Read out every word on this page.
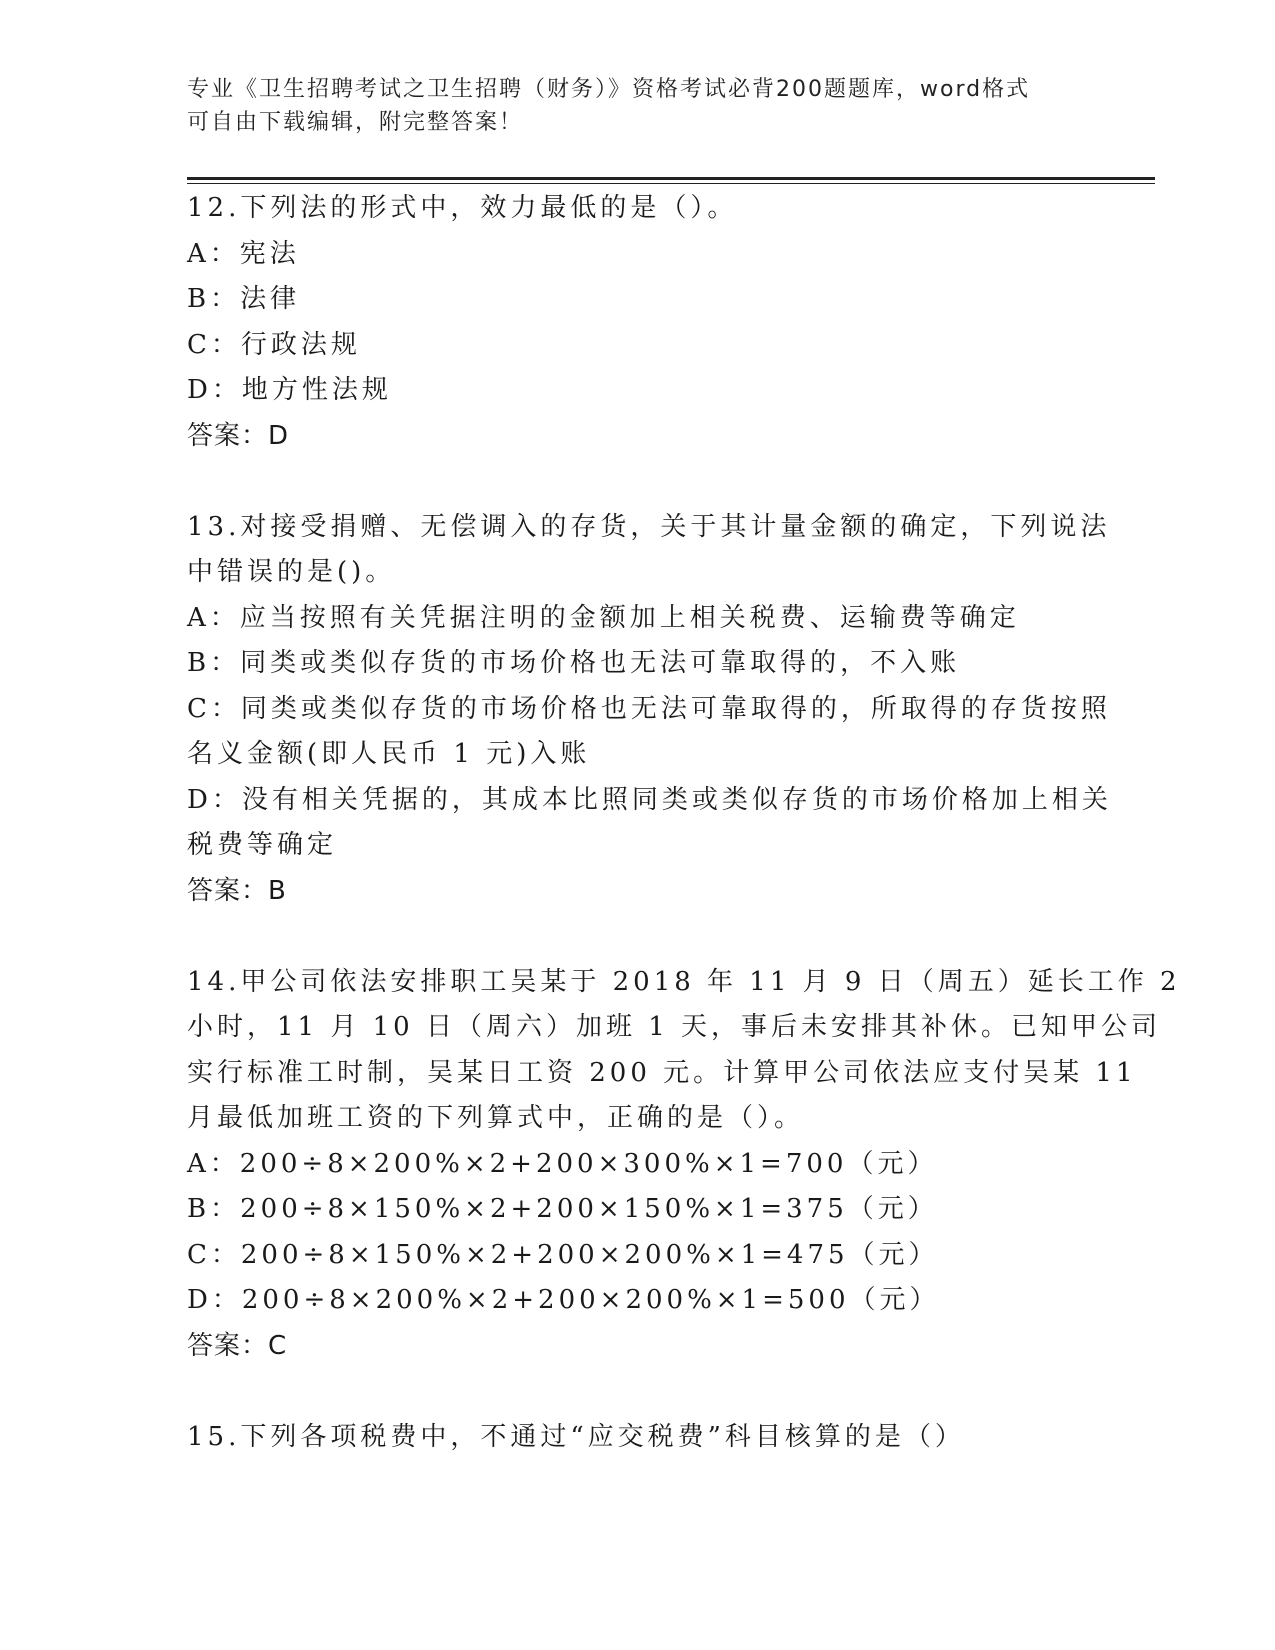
专业《卫生招聘考试之卫生招聘（财务）》资格考试必背200题题库，word格式
可自由下载编辑，附完整答案！
12.下列法的形式中，效力最低的是（）。
A：宪法
B：法律
C：行政法规
D：地方性法规
答案：D
13.对接受捐赠、无偿调入的存货，关于其计量金额的确定，下列说法
中错误的是()。
A：应当按照有关凭据注明的金额加上相关税费、运输费等确定
B：同类或类似存货的市场价格也无法可靠取得的，不入账
C：同类或类似存货的市场价格也无法可靠取得的，所取得的存货按照
名义金额(即人民币 1 元)入账
D：没有相关凭据的，其成本比照同类或类似存货的市场价格加上相关
税费等确定
答案：B
14.甲公司依法安排职工吴某于 2018 年 11 月 9 日（周五）延长工作 2
小时，11 月 10 日（周六）加班 1 天，事后未安排其补休。已知甲公司
实行标准工时制，吴某日工资 200 元。计算甲公司依法应支付吴某 11
月最低加班工资的下列算式中，正确的是（）。
A：200÷8×200%×2+200×300%×1=700（元）
B：200÷8×150%×2+200×150%×1=375（元）
C：200÷8×150%×2+200×200%×1=475（元）
D：200÷8×200%×2+200×200%×1=500（元）
答案：C
15.下列各项税费中，不通过“应交税费”科目核算的是（）
